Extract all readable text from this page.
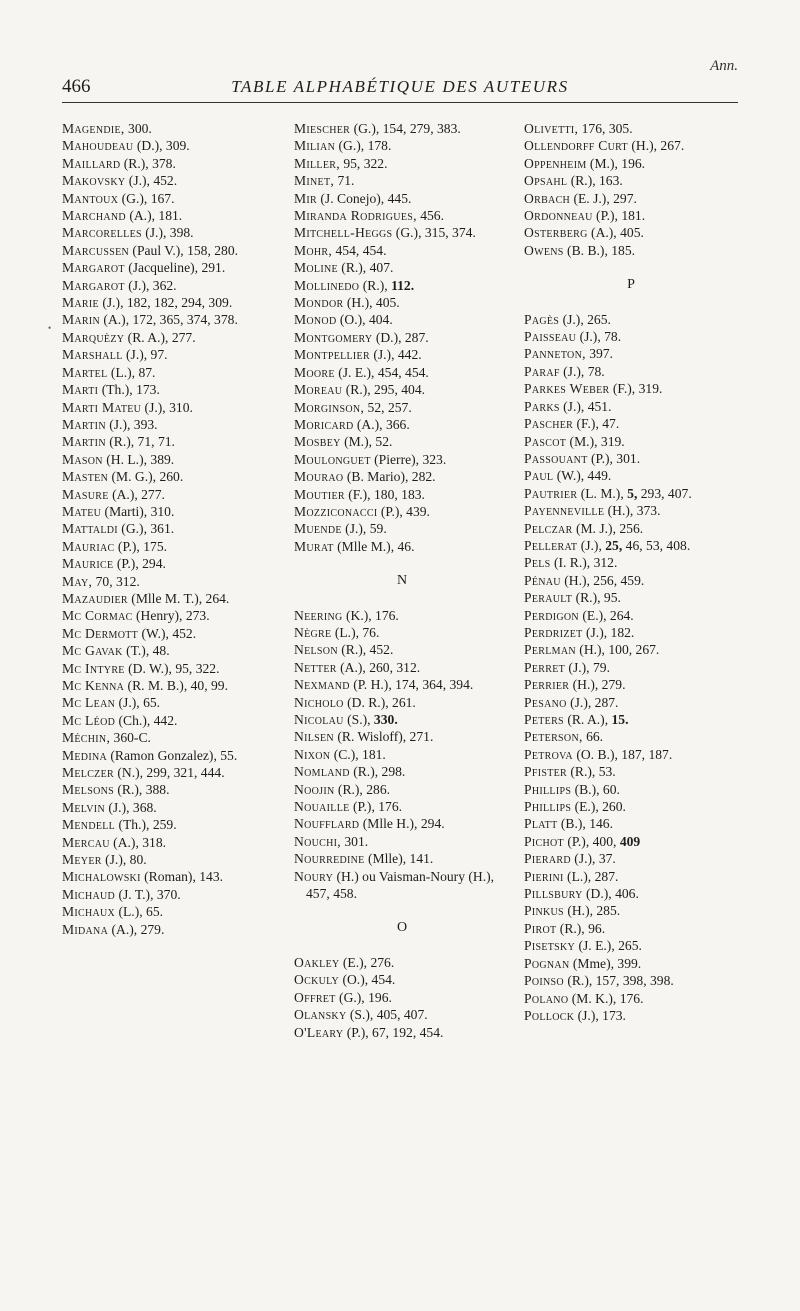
Ann.
466	TABLE ALPHABÉTIQUE DES AUTEURS
•
Magendie, 300.
Mahoudeau (D.), 309.
Maillard (R.), 378.
Makovsky (J.), 452.
Mantoux (G.), 167.
Marchand (A.), 181.
Marcorelles (J.), 398.
Marcussen (Paul V.), 158, 280.
Margarot (Jacqueline), 291.
Margarot (J.), 362.
Marie (J.), 182, 182, 294, 309.
Marin (A.), 172, 365, 374, 378.
Marquèzy (R. A.), 277.
Marshall (J.), 97.
Martel (L.), 87.
Marti (Th.), 173.
Marti Mateu (J.), 310.
Martin (J.), 393.
Martin (R.), 71, 71.
Mason (H. L.), 389.
Masten (M. G.), 260.
Masure (A.), 277.
Mateu (Marti), 310.
Mattaldi (G.), 361.
Mauriac (P.), 175.
Maurice (P.), 294.
May, 70, 312.
Mazaudier (Mlle M. T.), 264.
Mc Cormac (Henry), 273.
Mc Dermott (W.), 452.
Mc Gavak (T.), 48.
Mc Intyre (D. W.), 95, 322.
Mc Kenna (R. M. B.), 40, 99.
Mc Lean (J.), 65.
Mc Léod (Ch.), 442.
Méchin, 360-C.
Medina (Ramon Gonzalez), 55.
Melczer (N.), 299, 321, 444.
Melsons (R.), 388.
Melvin (J.), 368.
Mendell (Th.), 259.
Mercau (A.), 318.
Meyer (J.), 80.
Michalowski (Roman), 143.
Michaud (J. T.), 370.
Michaux (L.), 65.
Midana (A.), 279.
Miescher (G.), 154, 279, 383.
Milian (G.), 178.
Miller, 95, 322.
Minet, 71.
Mir (J. Conejo), 445.
Miranda Rodrigues, 456.
Mitchell-Heggs (G.), 315, 374.
Mohr, 454, 454.
Moline (R.), 407.
Mollinedo (R.), 112.
Mondor (H.), 405.
Monod (O.), 404.
Montgomery (D.), 287.
Montpellier (J.), 442.
Moore (J. E.), 454, 454.
Moreau (R.), 295, 404.
Morginson, 52, 257.
Moricard (A.), 366.
Mosbey (M.), 52.
Moulonguet (Pierre), 323.
Mourao (B. Mario), 282.
Moutier (F.), 180, 183.
Mozziconacci (P.), 439.
Muende (J.), 59.
Murat (Mlle M.), 46.
N
Neering (K.), 176.
Nègre (L.), 76.
Nelson (R.), 452.
Netter (A.), 260, 312.
Nexmand (P. H.), 174, 364, 394.
Nicholo (D. R.), 261.
Nicolau (S.), 330.
Nilsen (R. Wisloff), 271.
Nixon (C.), 181.
Nomland (R.), 298.
Noojin (R.), 286.
Nouaille (P.), 176.
Noufflard (Mlle H.), 294.
Nouchi, 301.
Nourredine (Mlle), 141.
Noury (H.) ou Vaisman-Noury (H.), 457, 458.
O
Oakley (E.), 276.
Ockuly (O.), 454.
Offret (G.), 196.
Olansky (S.), 405, 407.
O'Leary (P.), 67, 192, 454.
Olivetti, 176, 305.
Ollendorff Curt (H.), 267.
Oppenheim (M.), 196.
Opsahl (R.), 163.
Orbach (E. J.), 297.
Ordonneau (P.), 181.
Osterberg (A.), 405.
Owens (B. B.), 185.
P
Pagès (J.), 265.
Paisseau (J.), 78.
Panneton, 397.
Paraf (J.), 78.
Parkes Weber (F.), 319.
Parks (J.), 451.
Pascher (F.), 47.
Pascot (M.), 319.
Passouant (P.), 301.
Paul (W.), 449.
Pautrier (L. M.), 5, 293, 407.
Payenneville (H.), 373.
Pelczar (M. J.), 256.
Pellerat (J.), 25, 46, 53, 408.
Pels (I. R.), 312.
Pénau (H.), 256, 459.
Perault (R.), 95.
Perdigon (E.), 264.
Perdrizet (J.), 182.
Perlman (H.), 100, 267.
Perret (J.), 79.
Perrier (H.), 279.
Pesano (J.), 287.
Peters (R. A.), 15.
Peterson, 66.
Petrova (O. B.), 187, 187.
Pfister (R.), 53.
Phillips (B.), 60.
Phillips (E.), 260.
Platt (B.), 146.
Pichot (P.), 400, 409
Pierard (J.), 37.
Pierini (L.), 287.
Pillsbury (D.), 406.
Pinkus (H.), 285.
Pirot (R.), 96.
Pisetsky (J. E.), 265.
Pognan (Mme), 399.
Poinso (R.), 157, 398, 398.
Polano (M. K.), 176.
Pollock (J.), 173.
